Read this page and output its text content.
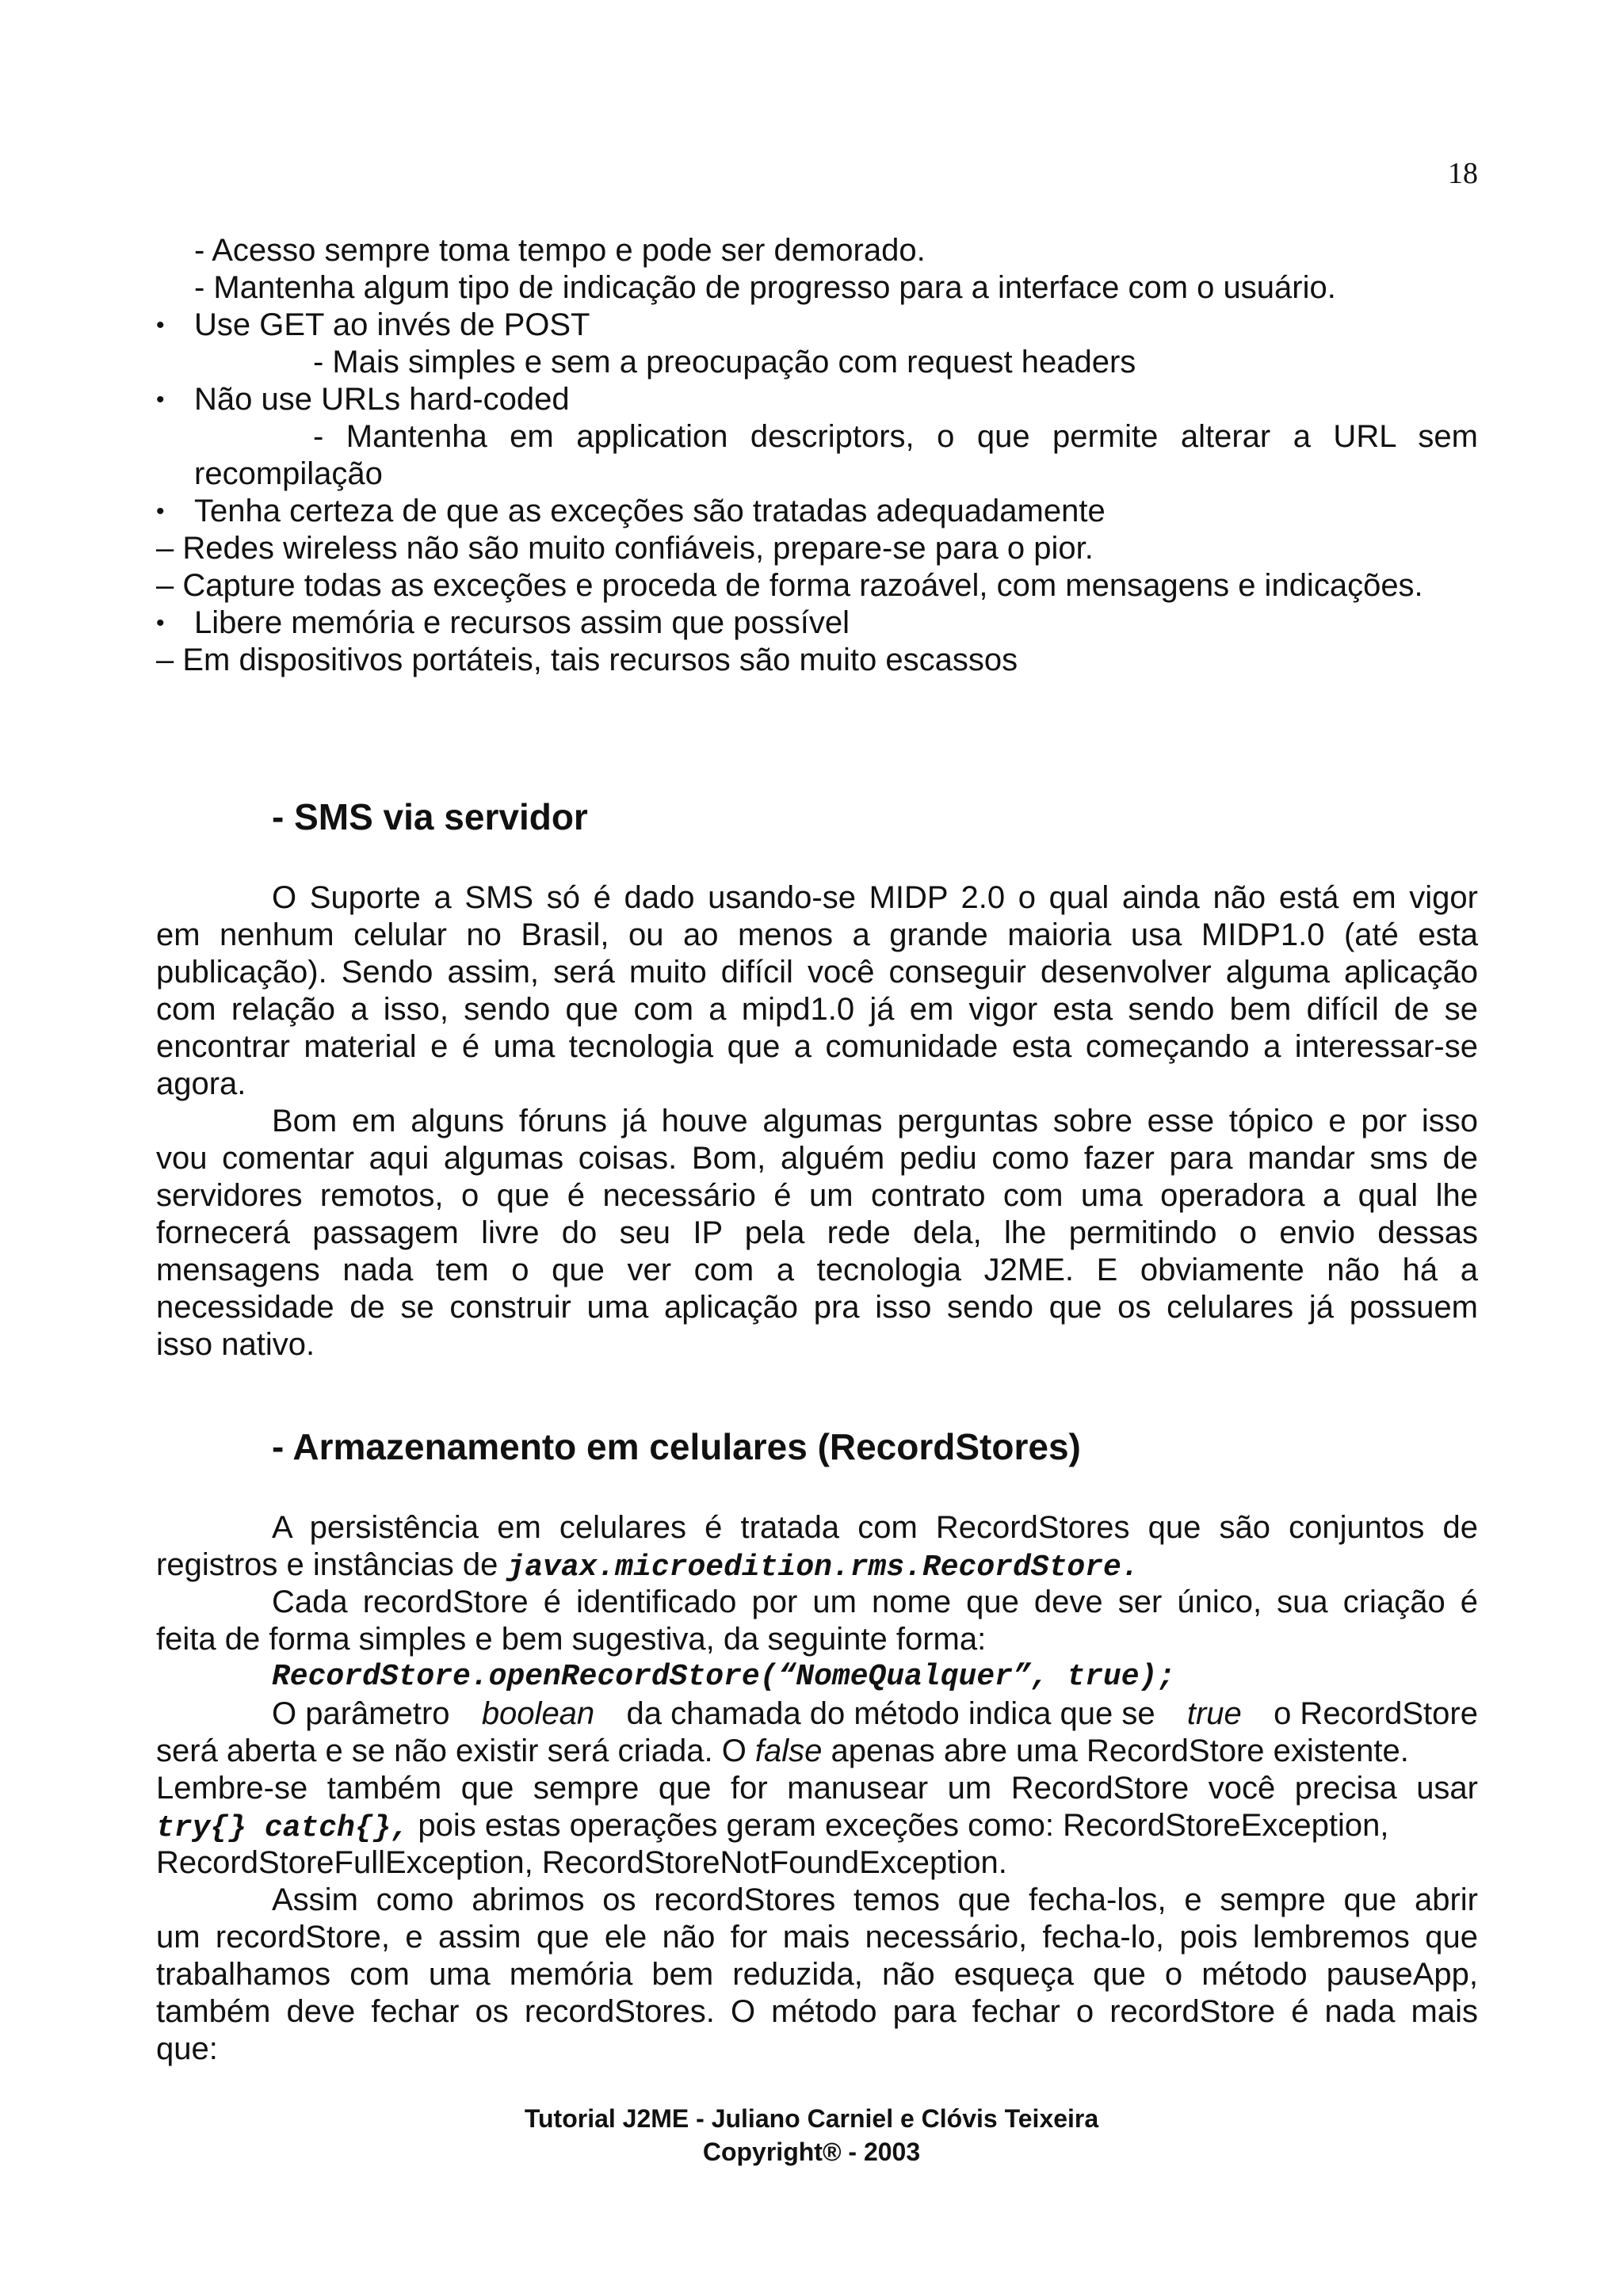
18
- Acesso sempre toma tempo e pode ser demorado.
- Mantenha algum tipo de indicação de progresso para a interface com o usuário.
• Use GET ao invés de POST
- Mais simples e sem a preocupação com request headers
• Não use URLs hard-coded
- Mantenha em application descriptors, o que permite alterar a URL sem
recompilação
• Tenha certeza de que as exceções são tratadas adequadamente
– Redes wireless não são muito confiáveis, prepare-se para o pior.
– Capture todas as exceções e proceda de forma razoável, com mensagens e indicações.
• Libere memória e recursos assim que possível
– Em dispositivos portáteis, tais recursos são muito escassos
- SMS via servidor
O Suporte a SMS só é dado usando-se MIDP 2.0 o qual ainda não está em vigor
em nenhum celular no Brasil, ou ao menos a grande maioria usa MIDP1.0 (até esta
publicação). Sendo assim, será muito difícil você conseguir desenvolver alguma aplicação
com relação a isso, sendo que com a mipd1.0 já em vigor esta sendo bem difícil de se
encontrar material e é uma tecnologia que a comunidade esta começando a interessar-se
agora.
Bom em alguns fóruns já houve algumas perguntas sobre esse tópico e por isso
vou comentar aqui algumas coisas. Bom, alguém pediu como fazer para mandar sms de
servidores remotos, o que é necessário é um contrato com uma operadora a qual lhe
fornecerá passagem livre do seu IP pela rede dela, lhe permitindo o envio dessas
mensagens nada tem o que ver com a tecnologia J2ME. E obviamente não há a
necessidade de se construir uma aplicação pra isso sendo que os celulares já possuem
isso nativo.
- Armazenamento em celulares (RecordStores)
A persistência em celulares é tratada com RecordStores que são conjuntos de
registros e instâncias de javax.microedition.rms.RecordStore.
Cada recordStore é identificado por um nome que deve ser único, sua criação é
feita de forma simples e bem sugestiva, da seguinte forma:
RecordStore.openRecordStore(“NomeQualquer”, true);
O parâmetro boolean da chamada do método indica que se true o RecordStore
será aberta e se não existir será criada. O false apenas abre uma RecordStore existente.
Lembre-se também que sempre que for manusear um RecordStore você precisa usar
try{} catch{}, pois estas operações geram exceções como: RecordStoreException,
RecordStoreFullException, RecordStoreNotFoundException.
Assim como abrimos os recordStores temos que fecha-los, e sempre que abrir
um recordStore, e assim que ele não for mais necessário, fecha-lo, pois lembremos que
trabalhamos com uma memória bem reduzida, não esqueça que o método pauseApp,
também deve fechar os recordStores. O método para fechar o recordStore é nada mais
que:
Tutorial J2ME - Juliano Carniel e Clóvis Teixeira
Copyright® - 2003
